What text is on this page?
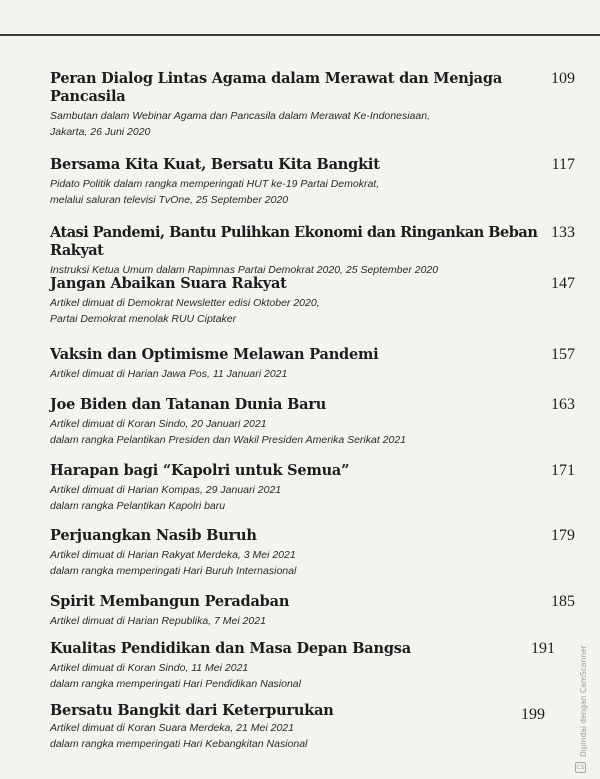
Peran Dialog Lintas Agama dalam Merawat dan Menjaga Pancasila
Sambutan dalam Webinar Agama dan Pancasila dalam Merawat Ke-Indonesiaan,
Jakarta, 26 Juni 2020
109
Bersama Kita Kuat, Bersatu Kita Bangkit
Pidato Politik dalam rangka memperingati HUT ke-19 Partai Demokrat,
melalui saluran televisi TvOne, 25 September 2020
117
Atasi Pandemi, Bantu Pulihkan Ekonomi dan Ringankan Beban Rakyat
Instruksi Ketua Umum dalam Rapimnas Partai Demokrat 2020, 25 September 2020
133
Jangan Abaikan Suara Rakyat
Artikel dimuat di Demokrat Newsletter edisi Oktober 2020,
Partai Demokrat menolak RUU Ciptaker
147
Vaksin dan Optimisme Melawan Pandemi
Artikel dimuat di Harian Jawa Pos, 11 Januari 2021
157
Joe Biden dan Tatanan Dunia Baru
Artikel dimuat di Koran Sindo, 20 Januari 2021
dalam rangka Pelantikan Presiden dan Wakil Presiden Amerika Serikat 2021
163
Harapan bagi “Kapolri untuk Semua”
Artikel dimuat di Harian Kompas, 29 Januari 2021
dalam rangka Pelantikan Kapolri baru
171
Perjuangkan Nasib Buruh
Artikel dimuat di Harian Rakyat Merdeka, 3 Mei 2021
dalam rangka memperingati Hari Buruh Internasional
179
Spirit Membangun Peradaban
Artikel dimuat di Harian Republika, 7 Mei 2021
185
Kualitas Pendidikan dan Masa Depan Bangsa
Artikel dimuat di Koran Sindo, 11 Mei 2021
dalam rangka memperingati Hari Pendidikan Nasional
191
Bersatu Bangkit dari Keterpurukan
Artikel dimuat di Koran Suara Merdeka, 21 Mei 2021
dalam rangka memperingati Hari Kebangkitan Nasional
199	Dipindai dengan CamScanner
CS
